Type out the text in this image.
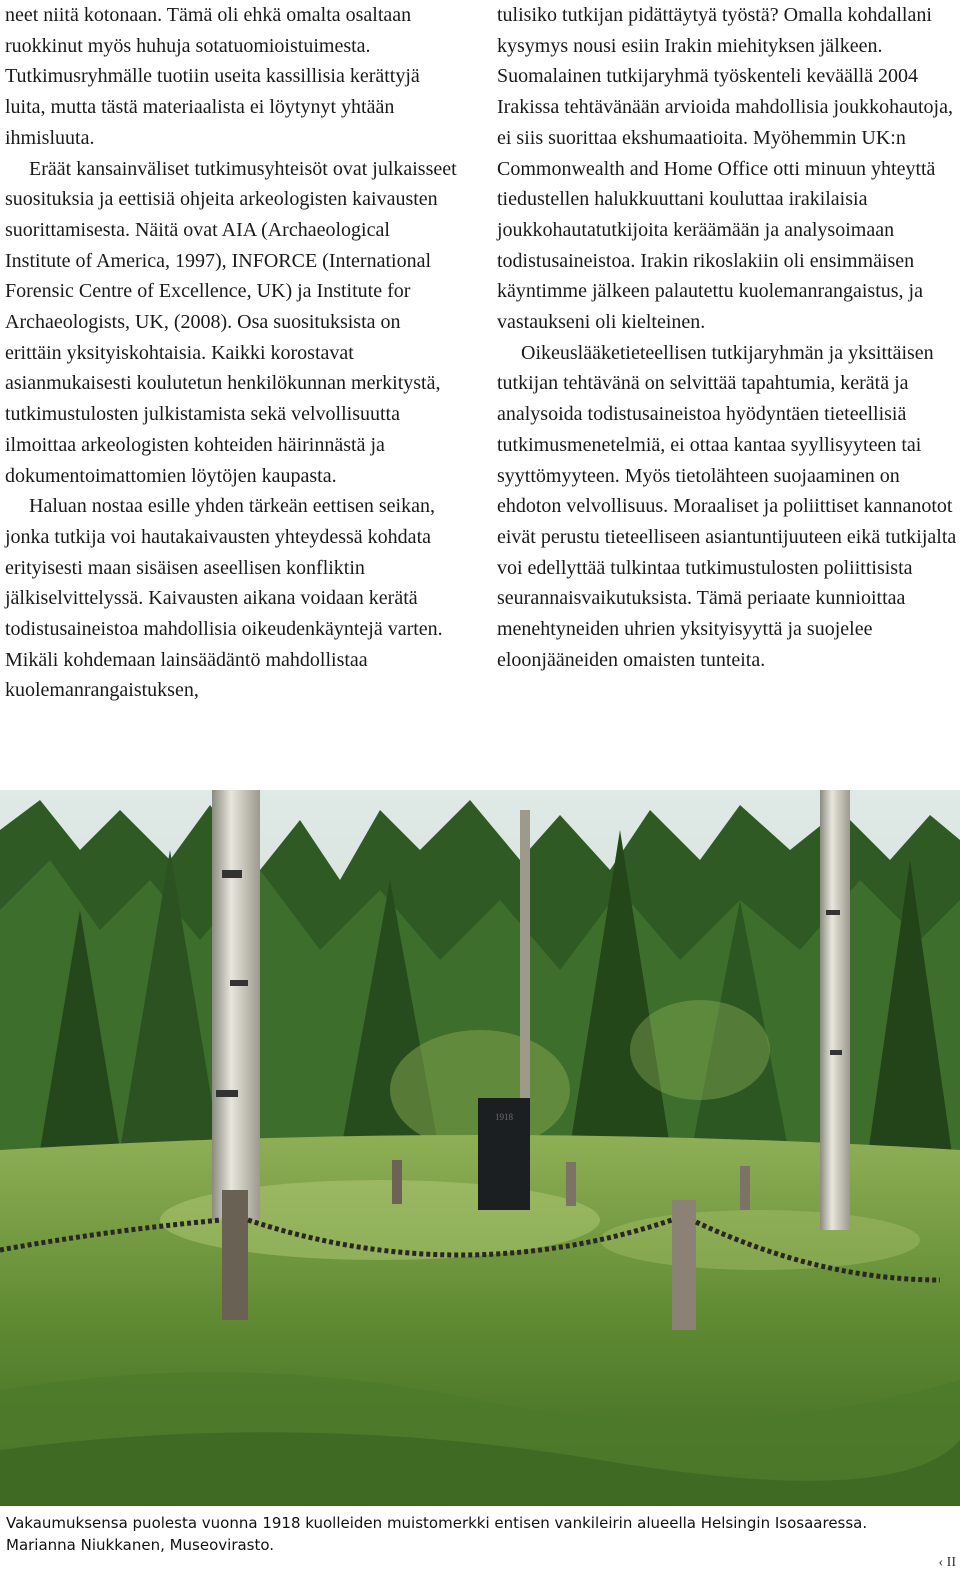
neet niitä kotonaan. Tämä oli ehkä omalta osaltaan ruokkinut myös huhuja sotatuomioistuimesta. Tutkimusryhmälle tuotiin useita kassillisia kerättyjä luita, mutta tästä materiaalista ei löytynyt yhtään ihmisluuta.

Eräät kansainväliset tutkimusyhteisöt ovat julkaisseet suosituksia ja eettisiä ohjeita arkeologisten kaivausten suorittamisesta. Näitä ovat AIA (Archaeological Institute of America, 1997), INFORCE (International Forensic Centre of Excellence, UK) ja Institute for Archaeologists, UK, (2008). Osa suosituksista on erittäin yksityiskohtaisia. Kaikki korostavat asianmukaisesti koulutetun henkilökunnan merkitystä, tutkimustulosten julkistamista sekä velvollisuutta ilmoittaa arkeologisten kohteiden häirinnästä ja dokumentoimattomien löytöjen kaupasta.

Haluan nostaa esille yhden tärkeän eettisen seikan, jonka tutkija voi hautakaivausten yhteydessä kohdata erityisesti maan sisäisen aseellisen konfliktin jälkiselvittelyssä. Kaivausten aikana voidaan kerätä todistusaineistoa mahdollisia oikeudenkäyntejä varten. Mikäli kohdemaan lainsäädäntö mahdollistaa kuolemanrangaistuksen,

tulisiko tutkijan pidättäytyä työstä? Omalla kohdallani kysymys nousi esiin Irakin miehityksen jälkeen. Suomalainen tutkijaryhmä työskenteli keväällä 2004 Irakissa tehtävänään arvioida mahdollisia joukkohautoja, ei siis suorittaa ekshumaatioita. Myöhemmin UK:n Commonwealth and Home Office otti minuun yhteyttä tiedustellen halukkuuttani kouluttaa irakilaisia joukkohautatutkijoita keräämään ja analysoimaan todistusaineistoa. Irakin rikoslakiin oli ensimmäisen käyntimme jälkeen palautettu kuolemanrangaistus, ja vastaukseni oli kielteinen.

Oikeuslääketieteellisen tutkijaryhmän ja yksittäisen tutkijan tehtävänä on selvittää tapahtumia, kerätä ja analysoida todistusaineistoa hyödyntäen tieteellisiä tutkimusmenetelmiä, ei ottaa kantaa syyllisyyteen tai syyttömyyteen. Myös tietolähteen suojaaminen on ehdoton velvollisuus. Moraaliset ja poliittiset kannanotot eivät perustu tieteelliseen asiantuntijuuteen eikä tutkijalta voi edellyttää tulkintaa tutkimustulosten poliittisista seurannaisvaikutuksista. Tämä periaate kunnioittaa menehtyneiden uhrien yksityisyyttä ja suojelee eloonjääneiden omaisten tunteita.

1918
Vakaumuksensa puolesta vuonna 1918 kuolleiden muistomerkki entisen vankileirin alueella Helsingin Isosaaressa.
Marianna Niukkanen, Museovirasto.
‹ II
